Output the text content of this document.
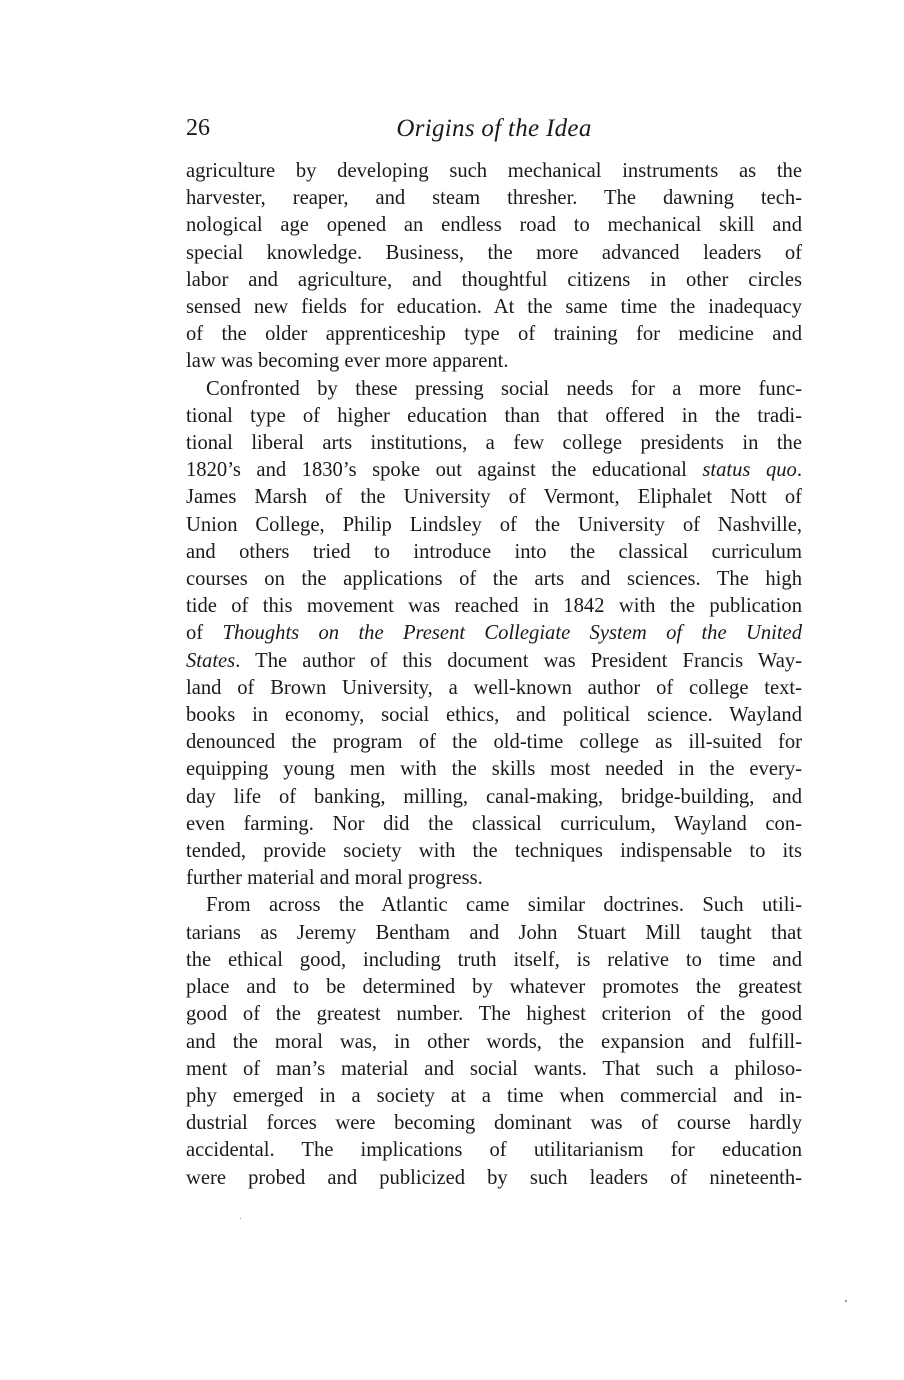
26	Origins of the Idea

agriculture by developing such mechanical instruments as the
harvester, reaper, and steam thresher. The dawning tech-
nological age opened an endless road to mechanical skill and
special knowledge. Business, the more advanced leaders of
labor and agriculture, and thoughtful citizens in other circles
sensed new fields for education. At the same time the inadequacy
of the older apprenticeship type of training for medicine and
law was becoming ever more apparent.

Confronted by these pressing social needs for a more func-
tional type of higher education than that offered in the tradi-
tional liberal arts institutions, a few college presidents in the
1820’s and 1830’s spoke out against the educational status quo.
James Marsh of the University of Vermont, Eliphalet Nott of
Union College, Philip Lindsley of the University of Nashville,
and others tried to introduce into the classical curriculum
courses on the applications of the arts and sciences. The high
tide of this movement was reached in 1842 with the publication
of Thoughts on the Present Collegiate System of the United
States. The author of this document was President Francis Way-
land of Brown University, a well-known author of college text-
books in economy, social ethics, and political science. Wayland
denounced the program of the old-time college as ill-suited for
equipping young men with the skills most needed in the every-
day life of banking, milling, canal-making, bridge-building, and
even farming. Nor did the classical curriculum, Wayland con-
tended, provide society with the techniques indispensable to its
further material and moral progress.

From across the Atlantic came similar doctrines. Such utili-
tarians as Jeremy Bentham and John Stuart Mill taught that
the ethical good, including truth itself, is relative to time and
place and to be determined by whatever promotes the greatest
good of the greatest number. The highest criterion of the good
and the moral was, in other words, the expansion and fulfill-
ment of man’s material and social wants. That such a philoso-
phy emerged in a society at a time when commercial and in-
dustrial forces were becoming dominant was of course hardly
accidental. The implications of utilitarianism for education
were probed and publicized by such leaders of nineteenth-
